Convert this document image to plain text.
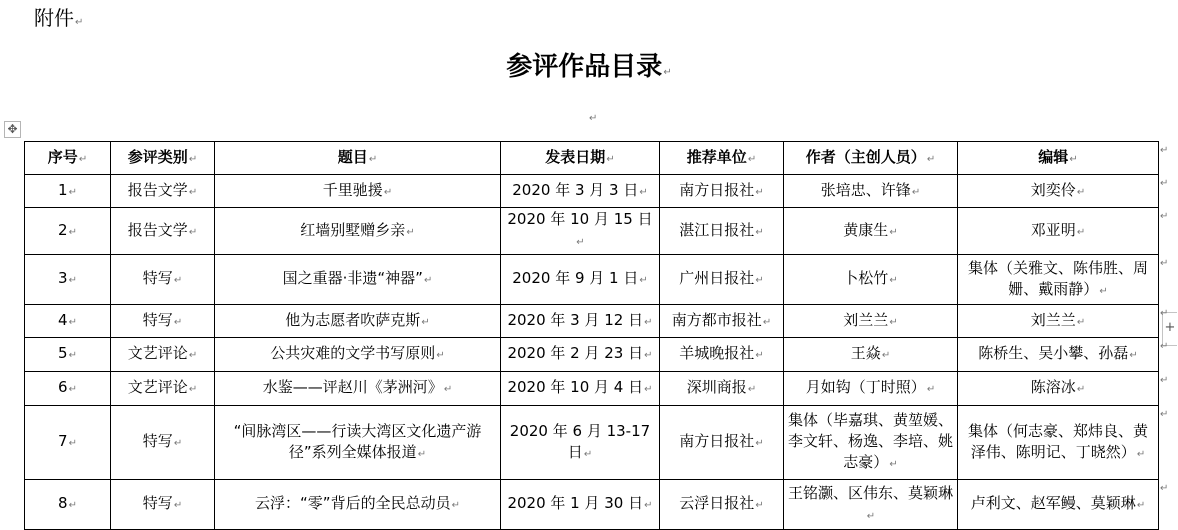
附件↵
参评作品目录↵
↵
✥
+
序号↵	参评类别↵	题目↵	发表日期↵	推荐单位↵	作者（主创人员）↵	编辑↵
1↵	报告文学↵	千里驰援↵	2020 年 3 月 3 日↵	南方日报社↵	张培忠、许锋↵	刘奕伶↵
2↵	报告文学↵	红墙别墅赠乡亲↵	2020 年 10 月 15 日↵	湛江日报社↵	黄康生↵	邓亚明↵
3↵	特写↵	国之重器·非遗“神器”↵	2020 年 9 月 1 日↵	广州日报社↵	卜松竹↵	集体（关雅文、陈伟胜、周姗、戴雨静）↵
4↵	特写↵	他为志愿者吹萨克斯↵	2020 年 3 月 12 日↵	南方都市报社↵	刘兰兰↵	刘兰兰↵
5↵	文艺评论↵	公共灾难的文学书写原则↵	2020 年 2 月 23 日↵	羊城晚报社↵	王焱↵	陈桥生、吴小攀、孙磊↵
6↵	文艺评论↵	水鉴——评赵川《茅洲河》↵	2020 年 10 月 4 日↵	深圳商报↵	月如钩（丁时照）↵	陈溶冰↵
7↵	特写↵	“间脉湾区——行读大湾区文化遗产游径”系列全媒体报道↵	2020 年 6 月 13-17 日↵	南方日报社↵	集体（毕嘉琪、黄堃媛、李文轩、杨逸、李培、姚志豪）↵	集体（何志豪、郑炜良、黄泽伟、陈明记、丁晓然）↵
8↵	特写↵	云浮：“零”背后的全民总动员↵	2020 年 1 月 30 日↵	云浮日报社↵	王铭灏、区伟东、莫颖琳↵	卢利文、赵军鳗、莫颖琳↵
↵
↵
↵
↵
↵
↵
↵
↵
↵
